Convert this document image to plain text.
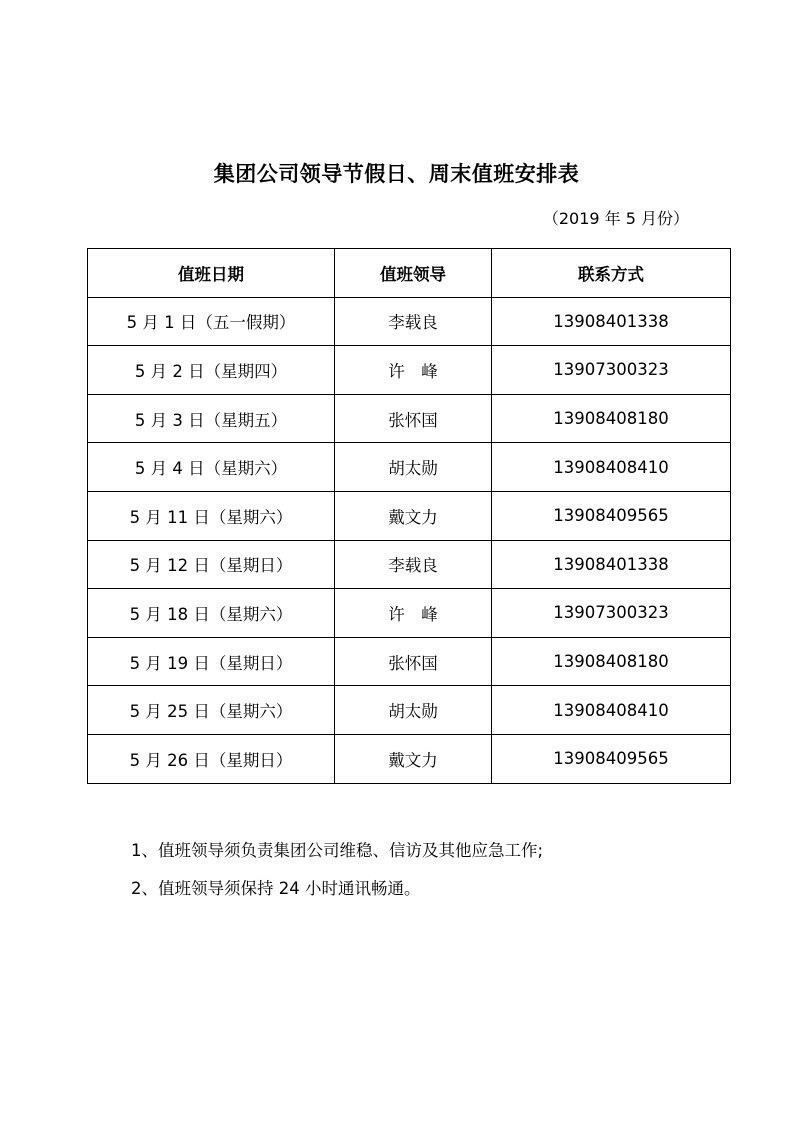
集团公司领导节假日、周末值班安排表
（2019 年 5 月份）
值班日期	值班领导	联系方式
5 月 1 日（五一假期）	李载良	13908401338
5 月 2 日（星期四）	许　峰	13907300323
5 月 3 日（星期五）	张怀国	13908408180
5 月 4 日（星期六）	胡太勋	13908408410
5 月 11 日（星期六）	戴文力	13908409565
5 月 12 日（星期日）	李载良	13908401338
5 月 18 日（星期六）	许　峰	13907300323
5 月 19 日（星期日）	张怀国	13908408180
5 月 25 日（星期六）	胡太勋	13908408410
5 月 26 日（星期日）	戴文力	13908409565
1、值班领导须负责集团公司维稳、信访及其他应急工作;
2、值班领导须保持 24 小时通讯畅通。
